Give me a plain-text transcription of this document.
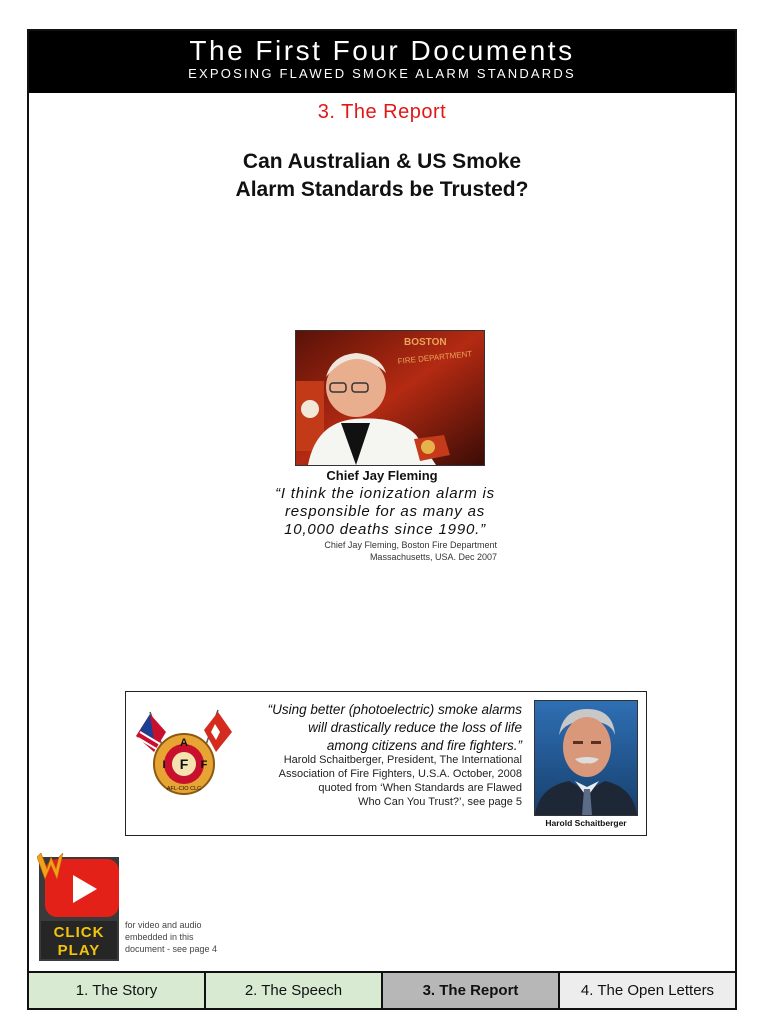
The First Four Documents
EXPOSING FLAWED SMOKE ALARM STANDARDS
3. The Report
Can Australian & US Smoke
Alarm Standards be Trusted?
BOSTON
FIRE DEPARTMENT
Chief Jay Fleming
“I think the ionization alarm is
responsible for as many as
10,000 deaths since 1990.”
Chief Jay Fleming, Boston Fire Department
Massachusetts, USA. Dec 2007
F
A
I	F
AFL-CIO CLC
“Using better (photoelectric) smoke alarms
will drastically reduce the loss of life
among citizens and fire fighters.”
Harold Schaitberger, President, The International
Association of Fire Fighters, U.S.A. October, 2008
quoted from ‘When Standards are Flawed
Who Can You Trust?’, see page 5
Harold Schaitberger
CLICK
PLAY
for video and audio
embedded in this
document - see page 4
1. The Story	2. The Speech	3. The Report	4. The Open Letters
